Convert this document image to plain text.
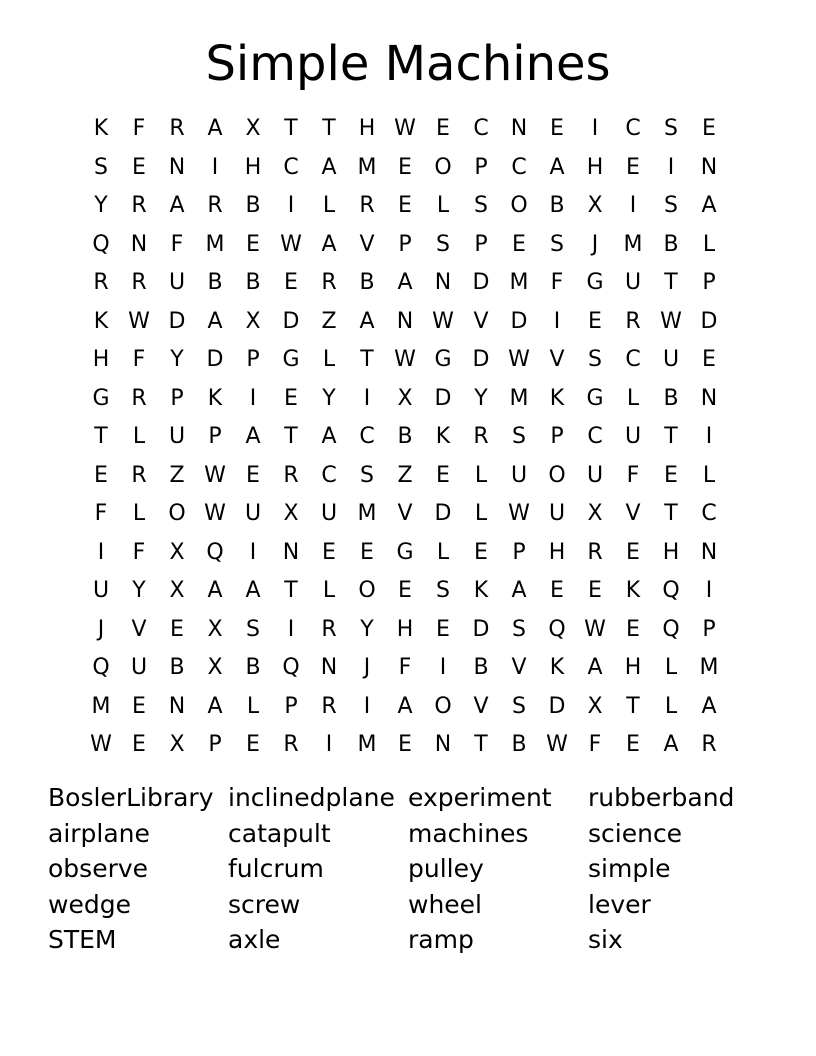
Simple Machines
K	F	R	A	X	T	T	H W E	C	N	E	I	C	S	E
S	E	N	I	H	C	A M E	O	P	C	A	H	E	I	N
Y	R	A	R	B	I	L	R	E	L	S	O B	X	I	S	A
Q N	F	M E W A	V	P	S	P	E	S	J	M B	L
R	R	U	B	B	E	R	B	A	N D M	F	G U	T	P
K W D	A	X D Z	A	N W V D	I	E	R W D
H	F	Y	D	P	G	L	T W G D W V	S	C	U	E
G R	P	K	I	E	Y	I	X D	Y M K	G	L	B	N
T	L	U	P	A	T	A	C	B	K	R	S	P	C	U	T	I
E	R	Z W E	R	C	S	Z	E	L	U O U	F	E	L
F	L	O W U	X	U M V D	L W U	X	V	T	C
I	F	X Q	I	N	E	E	G	L	E	P	H	R	E	H N
U	Y	X	A	A	T	L	O	E	S	K	A	E	E	K	Q	I
J	V	E	X	S	I	R	Y	H	E	D	S	Q W E	Q	P
Q U	B	X	B Q N	J	F	I	B	V	K	A	H	L	M
M E	N	A	L	P	R	I	A O V	S	D X	T	L	A
W E	X	P	E	R	I	M E	N	T	B W F	E	A	R
BoslerLibrary inclinedplane experiment	rubberband
airplane	catapult	machines	science
observe	fulcrum	pulley	simple
wedge	screw	wheel	lever
STEM	axle	ramp	six
